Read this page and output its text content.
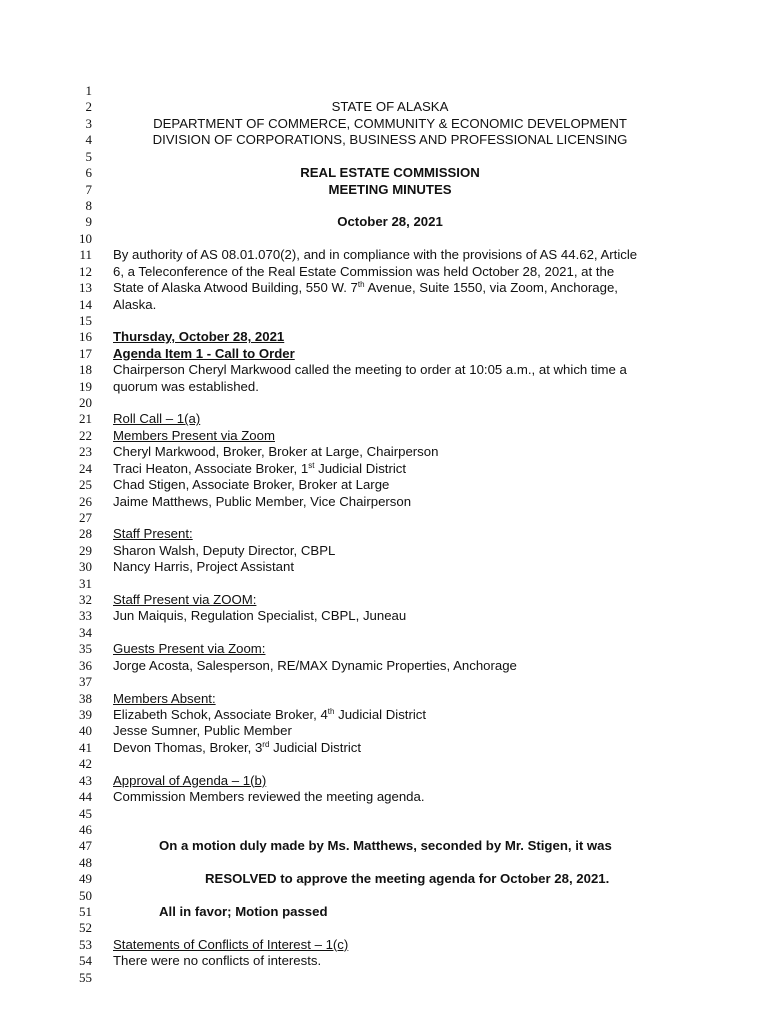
1
2	STATE OF ALASKA
3	DEPARTMENT OF COMMERCE, COMMUNITY & ECONOMIC DEVELOPMENT
4	DIVISION OF CORPORATIONS, BUSINESS AND PROFESSIONAL LICENSING
5
6	REAL ESTATE COMMISSION
7	MEETING MINUTES
8
9	October 28, 2021
10
11 By authority of AS 08.01.070(2), and in compliance with the provisions of AS 44.62, Article
12 6, a Teleconference of the Real Estate Commission was held October 28, 2021, at the
13 State of Alaska Atwood Building, 550 W. 7th Avenue, Suite 1550, via Zoom, Anchorage,
14 Alaska.
15
16 Thursday, October 28, 2021
17 Agenda Item 1 - Call to Order
18 Chairperson Cheryl Markwood called the meeting to order at 10:05 a.m., at which time a
19 quorum was established.
20
21 Roll Call – 1(a)
22 Members Present via Zoom
23 Cheryl Markwood, Broker, Broker at Large, Chairperson
24 Traci Heaton, Associate Broker, 1st Judicial District
25 Chad Stigen, Associate Broker, Broker at Large
26 Jaime Matthews, Public Member, Vice Chairperson
27
28 Staff Present:
29 Sharon Walsh, Deputy Director, CBPL
30 Nancy Harris, Project Assistant
31
32 Staff Present via ZOOM:
33 Jun Maiquis, Regulation Specialist, CBPL, Juneau
34
35 Guests Present via Zoom:
36 Jorge Acosta, Salesperson, RE/MAX Dynamic Properties, Anchorage
37
38 Members Absent:
39 Elizabeth Schok, Associate Broker, 4th Judicial District
40 Jesse Sumner, Public Member
41 Devon Thomas, Broker, 3rd Judicial District
42
43 Approval of Agenda – 1(b)
44 Commission Members reviewed the meeting agenda.
45
46
47	On a motion duly made by Ms. Matthews, seconded by Mr. Stigen, it was
48
49	RESOLVED to approve the meeting agenda for October 28, 2021.
50
51	All in favor; Motion passed
52
53 Statements of Conflicts of Interest – 1(c)
54 There were no conflicts of interests.
55
